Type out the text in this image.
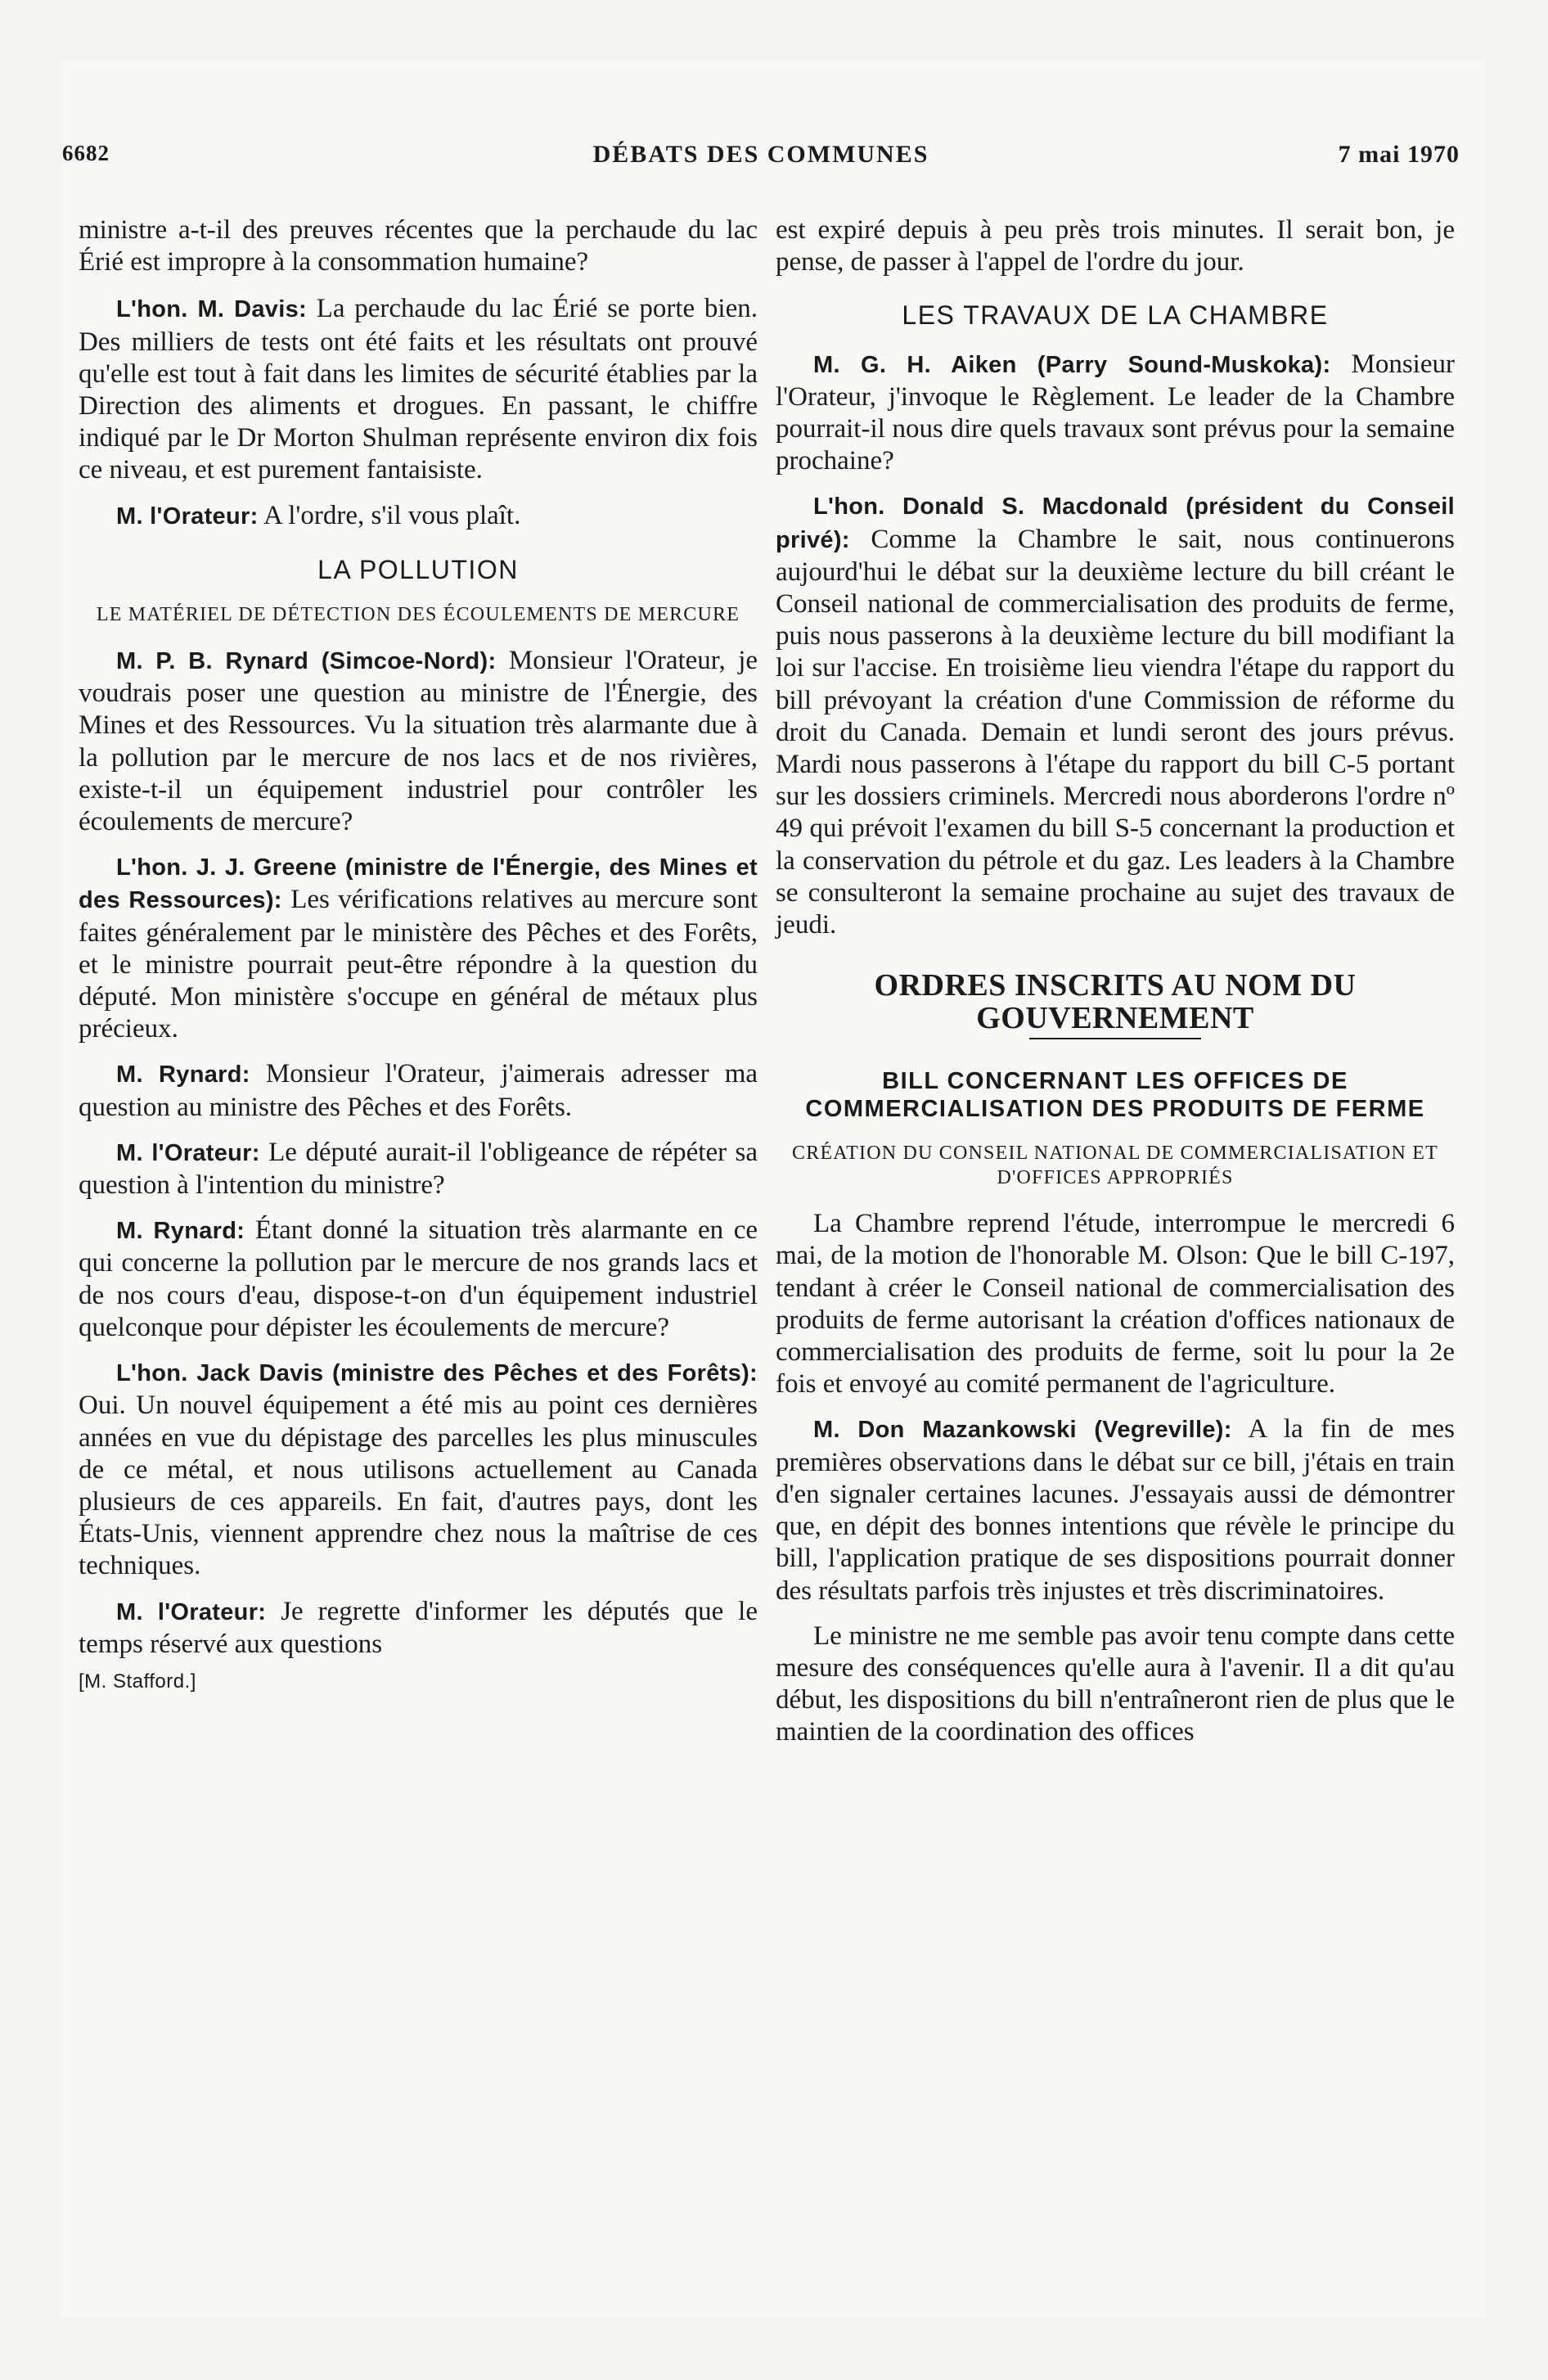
6682	DÉBATS DES COMMUNES	7 mai 1970

ministre a-t-il des preuves récentes que la perchaude du lac Érié est impropre à la consommation humaine?

L'hon. M. Davis: La perchaude du lac Érié se porte bien. Des milliers de tests ont été faits et les résultats ont prouvé qu'elle est tout à fait dans les limites de sécurité établies par la Direction des aliments et drogues. En passant, le chiffre indiqué par le Dr Morton Shulman représente environ dix fois ce niveau, et est purement fantaisiste.

M. l'Orateur: A l'ordre, s'il vous plaît.

LA POLLUTION
LE MATÉRIEL DE DÉTECTION DES ÉCOULEMENTS DE MERCURE

M. P. B. Rynard (Simcoe-Nord): Monsieur l'Orateur, je voudrais poser une question au ministre de l'Énergie, des Mines et des Ressources. Vu la situation très alarmante due à la pollution par le mercure de nos lacs et de nos rivières, existe-t-il un équipement industriel pour contrôler les écoulements de mercure?

L'hon. J. J. Greene (ministre de l'Énergie, des Mines et des Ressources): Les vérifications relatives au mercure sont faites généralement par le ministère des Pêches et des Forêts, et le ministre pourrait peut-être répondre à la question du député. Mon ministère s'occupe en général de métaux plus précieux.

M. Rynard: Monsieur l'Orateur, j'aimerais adresser ma question au ministre des Pêches et des Forêts.

M. l'Orateur: Le député aurait-il l'obligeance de répéter sa question à l'intention du ministre?

M. Rynard: Étant donné la situation très alarmante en ce qui concerne la pollution par le mercure de nos grands lacs et de nos cours d'eau, dispose-t-on d'un équipement industriel quelconque pour dépister les écoulements de mercure?

L'hon. Jack Davis (ministre des Pêches et des Forêts): Oui. Un nouvel équipement a été mis au point ces dernières années en vue du dépistage des parcelles les plus minuscules de ce métal, et nous utilisons actuellement au Canada plusieurs de ces appareils. En fait, d'autres pays, dont les États-Unis, viennent apprendre chez nous la maîtrise de ces techniques.

M. l'Orateur: Je regrette d'informer les députés que le temps réservé aux questions

[M. Stafford.]

est expiré depuis à peu près trois minutes. Il serait bon, je pense, de passer à l'appel de l'ordre du jour.

LES TRAVAUX DE LA CHAMBRE

M. G. H. Aiken (Parry Sound-Muskoka): Monsieur l'Orateur, j'invoque le Règlement. Le leader de la Chambre pourrait-il nous dire quels travaux sont prévus pour la semaine prochaine?

L'hon. Donald S. Macdonald (président du Conseil privé): Comme la Chambre le sait, nous continuerons aujourd'hui le débat sur la deuxième lecture du bill créant le Conseil national de commercialisation des produits de ferme, puis nous passerons à la deuxième lecture du bill modifiant la loi sur l'accise. En troisième lieu viendra l'étape du rapport du bill prévoyant la création d'une Commission de réforme du droit du Canada. Demain et lundi seront des jours prévus. Mardi nous passerons à l'étape du rapport du bill C-5 portant sur les dossiers criminels. Mercredi nous aborderons l'ordre nº 49 qui prévoit l'examen du bill S-5 concernant la production et la conservation du pétrole et du gaz. Les leaders à la Chambre se consulteront la semaine prochaine au sujet des travaux de jeudi.

ORDRES INSCRITS AU NOM DU GOUVERNEMENT
BILL CONCERNANT LES OFFICES DE COMMERCIALISATION DES PRODUITS DE FERME
CRÉATION DU CONSEIL NATIONAL DE COMMERCIALISATION ET D'OFFICES APPROPRIÉS

La Chambre reprend l'étude, interrompue le mercredi 6 mai, de la motion de l'honorable M. Olson: Que le bill C-197, tendant à créer le Conseil national de commercialisation des produits de ferme autorisant la création d'offices nationaux de commercialisation des produits de ferme, soit lu pour la 2e fois et envoyé au comité permanent de l'agriculture.

M. Don Mazankowski (Vegreville): A la fin de mes premières observations dans le débat sur ce bill, j'étais en train d'en signaler certaines lacunes. J'essayais aussi de démontrer que, en dépit des bonnes intentions que révèle le principe du bill, l'application pratique de ses dispositions pourrait donner des résultats parfois très injustes et très discriminatoires.

Le ministre ne me semble pas avoir tenu compte dans cette mesure des conséquences qu'elle aura à l'avenir. Il a dit qu'au début, les dispositions du bill n'entraîneront rien de plus que le maintien de la coordination des offices
